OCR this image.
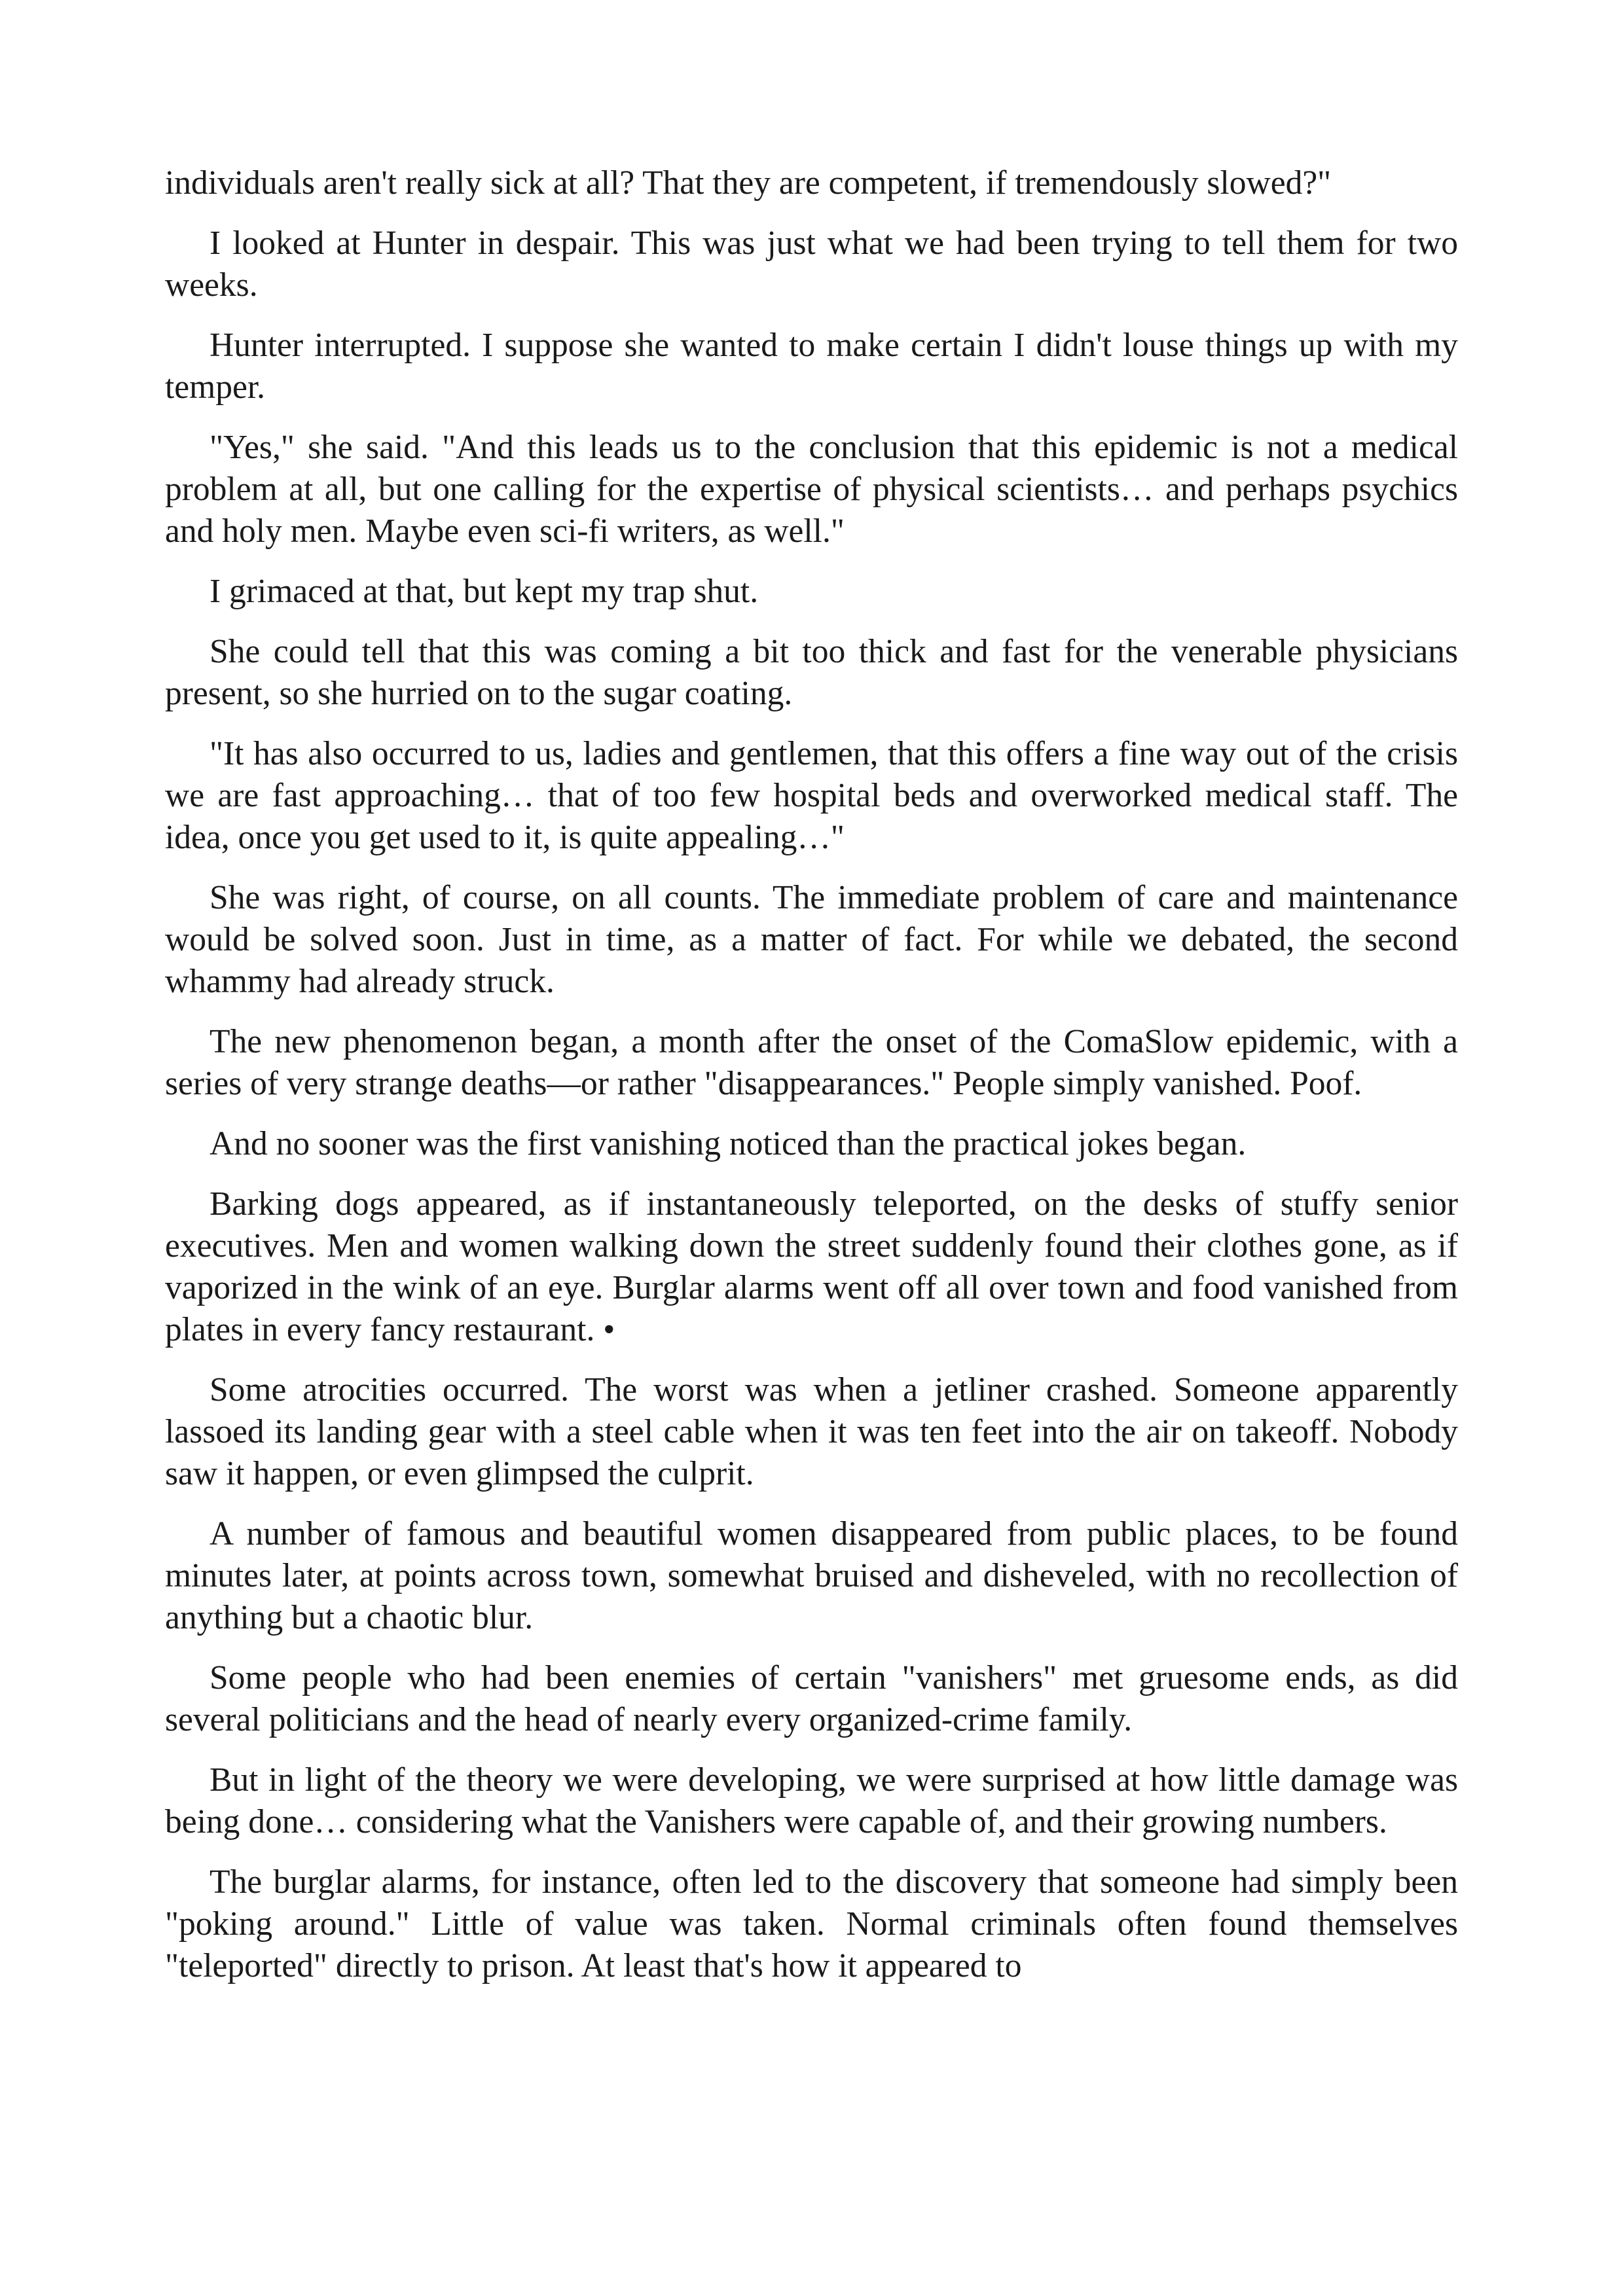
individuals aren't really sick at all? That they are competent, if tremendously slowed?"

I looked at Hunter in despair. This was just what we had been trying to tell them for two weeks.

Hunter interrupted. I suppose she wanted to make certain I didn't louse things up with my temper.

"Yes," she said. "And this leads us to the conclusion that this epidemic is not a medical problem at all, but one calling for the expertise of physical scientists… and perhaps psychics and holy men. Maybe even sci-fi writers, as well."

I grimaced at that, but kept my trap shut.

She could tell that this was coming a bit too thick and fast for the venerable physicians present, so she hurried on to the sugar coating.

"It has also occurred to us, ladies and gentlemen, that this offers a fine way out of the crisis we are fast approaching… that of too few hospital beds and overworked medical staff. The idea, once you get used to it, is quite appealing…"

She was right, of course, on all counts. The immediate problem of care and maintenance would be solved soon. Just in time, as a matter of fact. For while we debated, the second whammy had already struck.

The new phenomenon began, a month after the onset of the ComaSlow epidemic, with a series of very strange deaths—or rather "disappearances." People simply vanished. Poof.

And no sooner was the first vanishing noticed than the practical jokes began.

Barking dogs appeared, as if instantaneously teleported, on the desks of stuffy senior executives. Men and women walking down the street suddenly found their clothes gone, as if vaporized in the wink of an eye. Burglar alarms went off all over town and food vanished from plates in every fancy restaurant. •

Some atrocities occurred. The worst was when a jetliner crashed. Someone apparently lassoed its landing gear with a steel cable when it was ten feet into the air on takeoff. Nobody saw it happen, or even glimpsed the culprit.

A number of famous and beautiful women disappeared from public places, to be found minutes later, at points across town, somewhat bruised and disheveled, with no recollection of anything but a chaotic blur.

Some people who had been enemies of certain "vanishers" met gruesome ends, as did several politicians and the head of nearly every organized-crime family.

But in light of the theory we were developing, we were surprised at how little damage was being done… considering what the Vanishers were capable of, and their growing numbers.

The burglar alarms, for instance, often led to the discovery that someone had simply been "poking around." Little of value was taken. Normal criminals often found themselves "teleported" directly to prison. At least that's how it appeared to
